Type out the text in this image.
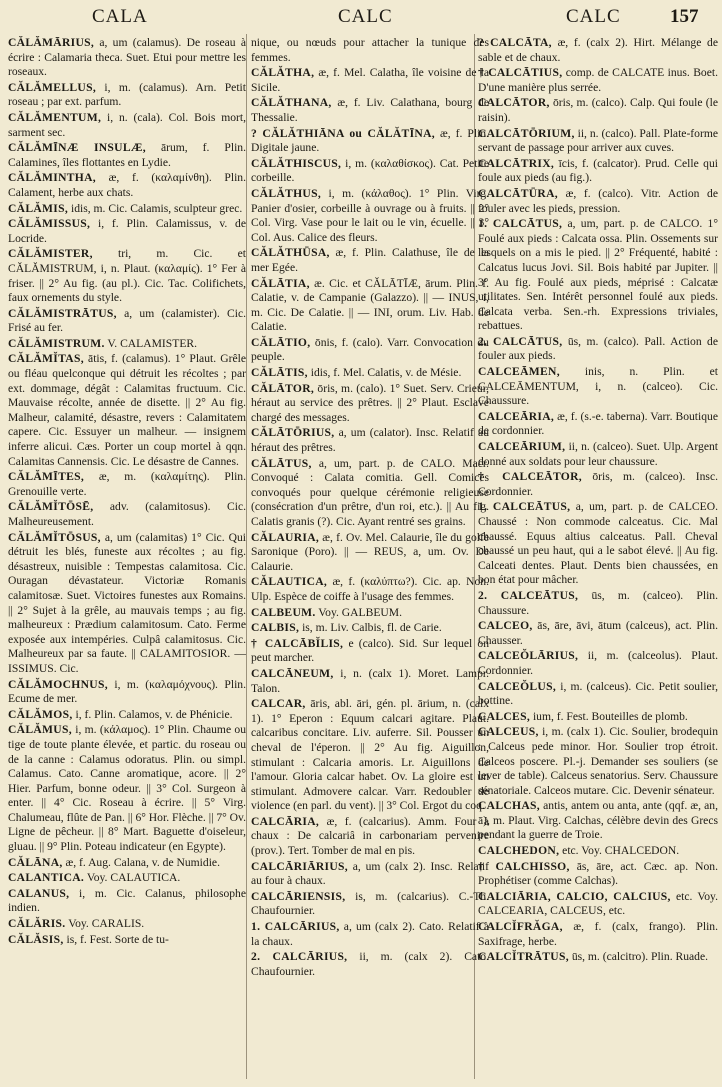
CALA	CALC	CALC	157

CĂLĂMĀRIUS, a, um (calamus). De roseau à écrire : Calamaria theca. Suet. Etui pour mettre les roseaux.

CĂLĂMELLUS, i, m. (calamus). Arn. Petit roseau ; par ext. parfum.

CĂLĂMENTUM, i, n. (cala). Col. Bois mort, sarment sec.

CĂLĂMĪNÆ INSULÆ, ārum, f. Plin. Calamines, îles flottantes en Lydie.

CĂLĂMINTHA, æ, f. (καλαμίνθη). Plin. Calament, herbe aux chats.

CĂLĂMIS, idis, m. Cic. Calamis, sculpteur grec.

CĂLĂMISSUS, i, f. Plin. Calamissus, v. de Locride.

CĂLĂMISTER, tri, m. Cic. et CĂLĂMISTRUM, i, n. Plaut. (καλαμίς). 1° Fer à friser. || 2° Au fig. (au pl.). Cic. Tac. Colifichets, faux ornements du style.

CĂLĂMISTRĀTUS, a, um (calamister). Cic. Frisé au fer.

CĂLĂMISTRUM. V. CALAMISTER.

CĂLĂMĬTAS, ātis, f. (calamus). 1° Plaut. Grêle ou fléau quelconque qui détruit les récoltes ; par ext. dommage, dégât : Calamitas fructuum. Cic. Mauvaise récolte, année de disette. || 2° Au fig. Malheur, calamité, désastre, revers : Calamitatem capere. Cic. Essuyer un malheur. — insignem inferre alicui. Cæs. Porter un coup mortel à qqn. Calamitas Cannensis. Cic. Le désastre de Cannes.

CĂLĂMĪTES, æ, m. (καλαμίτης). Plin. Grenouille verte.

CĂLĂMĬTŌSĒ, adv. (calamitosus). Cic. Malheureusement.

CĂLĂMĬTŌSUS, a, um (calamitas) 1° Cic. Qui détruit les blés, funeste aux récoltes ; au fig. désastreux, nuisible : Tempestas calamitosa. Cic. Ouragan dévastateur. Victoriæ Romanis calamitosæ. Suet. Victoires funestes aux Romains. || 2° Sujet à la grêle, au mauvais temps ; au fig. malheureux : Prædium calamitosum. Cato. Ferme exposée aux intempéries. Culpâ calamitosus. Cic. Malheureux par sa faute. || CALAMITOSIOR. — ISSIMUS. Cic.

CĂLĂMOCHNUS, i, m. (καλαμόχνους). Plin. Ecume de mer.

CĂLĂMOS, i, f. Plin. Calamos, v. de Phénicie.

CĂLĂMUS, i, m. (κάλαμος). 1° Plin. Chaume ou tige de toute plante élevée, et partic. du roseau ou de la canne : Calamus odoratus. Plin. ou simpl. Calamus. Cato. Canne aromatique, acore. || 2° Hier. Parfum, bonne odeur. || 3° Col. Surgeon à enter. || 4° Cic. Roseau à écrire. || 5° Virg. Chalumeau, flûte de Pan. || 6° Hor. Flèche. || 7° Ov. Ligne de pêcheur. || 8° Mart. Baguette d'oiseleur, gluau. || 9° Plin. Poteau indicateur (en Egypte).

CĂLĀNA, æ, f. Aug. Calana, v. de Numidie.

CALANTICA. Voy. CALAUTICA.

CALANUS, i, m. Cic. Calanus, philosophe indien.

CĂLĂRIS. Voy. CARALIS.

CĂLĂSIS, is, f. Fest. Sorte de tu-

nique, ou nœuds pour attacher la tunique des femmes.

CĂLĂTHA, æ, f. Mel. Calatha, île voisine de la Sicile.

CĂLĂTHANA, æ, f. Liv. Calathana, bourg de Thessalie.

? CĂLĂTHIĀNA ou CĂLĂTĪNA, æ, f. Plin. Digitale jaune.

CĂLĂTHISCUS, i, m. (καλαθίσκος). Cat. Petite corbeille.

CĂLĂTHUS, i, m. (κάλαθος). 1° Plin. Virg. Panier d'osier, corbeille à ouvrage ou à fruits. || 2° Col. Virg. Vase pour le lait ou le vin, écuelle. || 3° Col. Aus. Calice des fleurs.

CĂLĂTHŪSA, æ, f. Plin. Calathuse, île de la mer Egée.

CĂLĀTIA, æ. Cic. et CĂLĀTĪÆ, ārum. Plin. f. Calatie, v. de Campanie (Galazzo). || — INUS, i, m. Cic. De Calatie. || — INI, orum. Liv. Hab. de Calatie.

CĂLĀTIO, ōnis, f. (calo). Varr. Convocation du peuple.

CĂLĀTIS, idis, f. Mel. Calatis, v. de Mésie.

CĂLĀTOR, ōris, m. (calo). 1° Suet. Serv. Crieur, héraut au service des prêtres. || 2° Plaut. Esclave chargé des messages.

CĂLĀTŌRIUS, a, um (calator). Insc. Relatif au héraut des prêtres.

CĂLĀTUS, a, um, part. p. de CALO. Macr. Convoqué : Calata comitia. Gell. Comices convoqués pour quelque cérémonie religieuse (consécration d'un prêtre, d'un roi, etc.). || Au fig. Calatis granis (?). Cic. Ayant rentré ses grains.

CĂLAURIA, æ, f. Ov. Mel. Calaurie, île du golfe Saronique (Poro). || — REUS, a, um. Ov. De Calaurie.

CĂLAUTICA, æ, f. (καλύπτω?). Cic. ap. Non. Ulp. Espèce de coiffe à l'usage des femmes.

CALBEUM. Voy. GALBEUM.

CALBIS, is, m. Liv. Calbis, fl. de Carie.

† CALCĀBĬLIS, e (calco). Sid. Sur lequel on peut marcher.

CALCĀNEUM, i, n. (calx 1). Moret. Lampr. Talon.

CALCAR, āris, abl. āri, gén. pl. ārium, n. (calx 1). 1° Eperon : Equum calcari agitare. Plaut. calcaribus concitare. Liv. auferre. Sil. Pousser un cheval de l'éperon. || 2° Au fig. Aiguillon, stimulant : Calcaria amoris. Lr. Aiguillons de l'amour. Gloria calcar habet. Ov. La gloire est un stimulant. Admovere calcar. Varr. Redoubler de violence (en parl. du vent). || 3° Col. Ergot du coq.

CALCĀRIA, æ, f. (calcarius). Amm. Four à chaux : De calcariâ in carbonariam pervenire (prov.). Tert. Tomber de mal en pis.

CALCĀRIĀRIUS, a, um (calx 2). Insc. Relatif au four à chaux.

CALCĀRIENSIS, is, m. (calcarius). C.-Th. Chaufournier.

1. CALCĀRIUS, a, um (calx 2). Cato. Relatif à la chaux.

2. CALCĀRIUS, ii, m. (calx 2). Cato. Chaufournier.

? CALCĀTA, æ, f. (calx 2). Hirt. Mélange de sable et de chaux.

† CALCĀTIUS, comp. de CALCATE inus. Boet. D'une manière plus serrée.

CALCĀTOR, ōris, m. (calco). Calp. Qui foule (le raisin).

CALCĀTŌRIUM, ii, n. (calco). Pall. Plate-forme servant de passage pour arriver aux cuves.

CALCĀTRIX, īcis, f. (calcator). Prud. Celle qui foule aux pieds (au fig.).

CALCĀTŪRA, æ, f. (calco). Vitr. Action de fouler avec les pieds, pression.

1. CALCĀTUS, a, um, part. p. de CALCO. 1° Foulé aux pieds : Calcata ossa. Plin. Ossements sur lesquels on a mis le pied. || 2° Fréquenté, habité : Calcatus lucus Jovi. Sil. Bois habité par Jupiter. || 3° Au fig. Foulé aux pieds, méprisé : Calcatæ utilitates. Sen. Intérêt personnel foulé aux pieds. Calcata verba. Sen.-rh. Expressions triviales, rebattues.

2. CALCĀTUS, ūs, m. (calco). Pall. Action de fouler aux pieds.

CALCEĀMEN, inis, n. Plin. et CALCEĀMENTUM, i, n. (calceo). Cic. Chaussure.

CALCEĀRIA, æ, f. (s.-e. taberna). Varr. Boutique de cordonnier.

CALCEĀRIUM, ii, n. (calceo). Suet. Ulp. Argent donné aux soldats pour leur chaussure.

† CALCEĀTOR, ōris, m. (calceo). Insc. Cordonnier.

1. CALCEĀTUS, a, um, part. p. de CALCEO. Chaussé : Non commode calceatus. Cic. Mal chaussé. Equus altius calceatus. Pall. Cheval chaussé un peu haut, qui a le sabot élevé. || Au fig. Calceati dentes. Plaut. Dents bien chaussées, en bon état pour mâcher.

2. CALCEĀTUS, ūs, m. (calceo). Plin. Chaussure.

CALCEO, ās, āre, āvi, ātum (calceus), act. Plin. Chausser.

CALCEŎLĀRIUS, ii, m. (calceolus). Plaut. Cordonnier.

CALCEŎLUS, i, m. (calceus). Cic. Petit soulier, bottine.

CALCES, ium, f. Fest. Bouteilles de plomb.

CALCEUS, i, m. (calx 1). Cic. Soulier, brodequin : Calceus pede minor. Hor. Soulier trop étroit. Calceos poscere. Pl.-j. Demander ses souliers (se lever de table). Calceus senatorius. Serv. Chaussure sénatoriale. Calceos mutare. Cic. Devenir sénateur.

CALCHAS, antis, antem ou anta, ante (qqf. æ, an, ā), m. Plaut. Virg. Calchas, célèbre devin des Grecs pendant la guerre de Troie.

CALCHEDON, etc. Voy. CHALCEDON.

† CALCHISSO, ās, āre, act. Cæc. ap. Non. Prophétiser (comme Calchas).

CALCIĀRIA, CALCIO, CALCIUS, etc. Voy. CALCEARIA, CALCEUS, etc.

CALCĬFRĂGA, æ, f. (calx, frango). Plin. Saxifrage, herbe.

CALCĬTRĀTUS, ūs, m. (calcitro). Plin. Ruade.
